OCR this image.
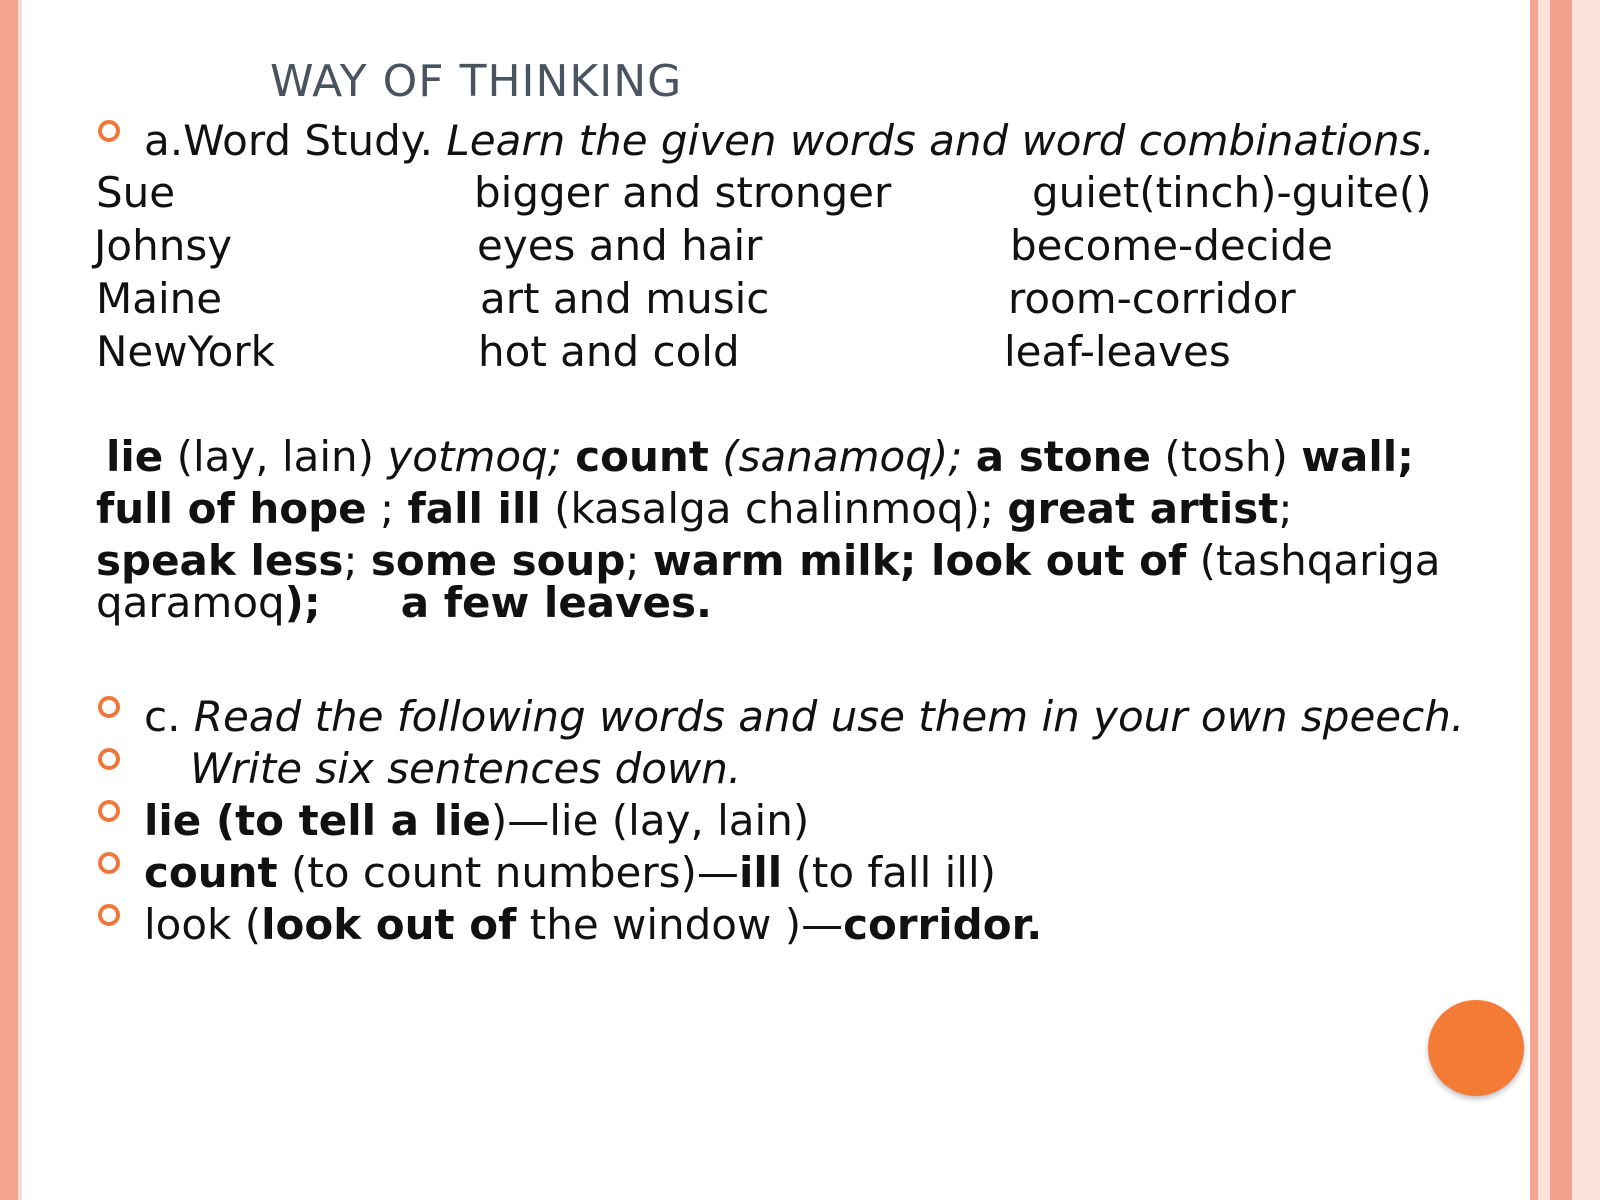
WAY OF THINKING
a.Word Study. Learn the given words and word combinations.
Sue	bigger and stronger	guiet(tinch)-guite()
Johnsy	eyes and hair	become-decide
Maine	art and music	room-corridor
NewYork	hot and cold	leaf-leaves
lie (lay, lain) yotmoq; count (sanamoq); a stone (tosh) wall;
full of hope ; fall ill (kasalga chalinmoq); great artist;
speak less; some soup; warm milk; look out of (tashqariga
qaramoq); a few leaves.
c. Read the following words and use them in your own speech.
Write six sentences down.
lie (to tell a lie)—lie (lay, lain)
count (to count numbers)—ill (to fall ill)
look (look out of the window )—corridor.
